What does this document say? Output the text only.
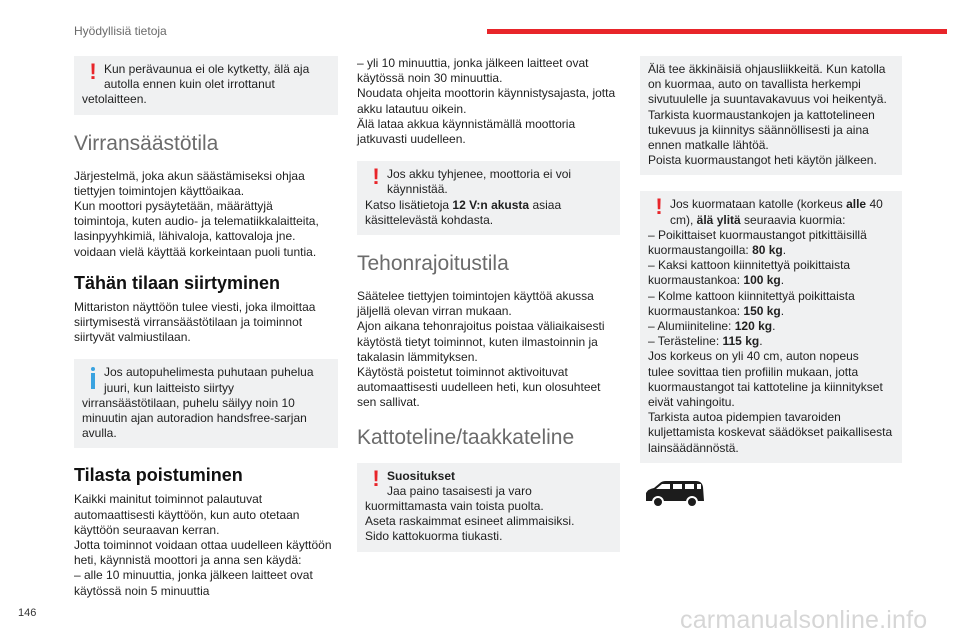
Hyödyllisiä tietoja
! Kun perävaunua ei ole kytketty, älä aja
autolla ennen kuin olet irrottanut
vetolaitteen.
Virransäästötila

Järjestelmä, joka akun säästämiseksi ohjaa

tiettyjen toimintojen käyttöaikaa.

Kun moottori pysäytetään, määrättyjä

toimintoja, kuten audio- ja telematiikkalaitteita,

lasinpyyhkimiä, lähivaloja, kattovaloja jne.

voidaan vielä käyttää korkeintaan puoli tuntia.

Tähän tilaan siirtyminen

Mittariston näyttöön tulee viesti, joka ilmoittaa

siirtymisestä virransäästötilaan ja toiminnot

siirtyvät valmiustilaan.

Jos autopuhelimesta puhutaan puhelua
juuri, kun laitteisto siirtyy
virransäästötilaan, puhelu säilyy noin 10
minuutin ajan autoradion handsfree-sarjan
avulla.
Tilasta poistuminen

Kaikki mainitut toiminnot palautuvat

automaattisesti käyttöön, kun auto otetaan

käyttöön seuraavan kerran.

Jotta toiminnot voidaan ottaa uudelleen käyttöön

heti, käynnistä moottori ja anna sen käydä:

– alle 10 minuuttia, jonka jälkeen laitteet ovat

käytössä noin 5 minuuttia

– yli 10 minuuttia, jonka jälkeen laitteet ovat

käytössä noin 30 minuuttia.

Noudata ohjeita moottorin käynnistysajasta, jotta

akku latautuu oikein.

Älä lataa akkua käynnistämällä moottoria

jatkuvasti uudelleen.

! Jos akku tyhjenee, moottoria ei voi
käynnistää.
Katso lisätietoja 12 V:n akusta asiaa
käsittelevästä kohdasta.
Tehonrajoitustila

Säätelee tiettyjen toimintojen käyttöä akussa

jäljellä olevan virran mukaan.

Ajon aikana tehonrajoitus poistaa väliaikaisesti

käytöstä tietyt toiminnot, kuten ilmastoinnin ja

takalasin lämmityksen.

Käytöstä poistetut toiminnot aktivoituvat

automaattisesti uudelleen heti, kun olosuhteet

sen sallivat.

Kattoteline/taakkateline
! Suositukset
Jaa paino tasaisesti ja varo
kuormittamasta vain toista puolta.
Aseta raskaimmat esineet alimmaisiksi.
Sido kattokuorma tiukasti.

Älä tee äkkinäisiä ohjausliikkeitä. Kun katolla

on kuormaa, auto on tavallista herkempi

sivutuulelle ja suuntavakavuus voi heikentyä.

Tarkista kuormaustankojen ja kattotelineen

tukevuus ja kiinnitys säännöllisesti ja aina

ennen matkalle lähtöä.

Poista kuormaustangot heti käytön jälkeen.

! Jos kuormataan katolle (korkeus alle 40
cm), älä ylitä seuraavia kuormia:
– Poikittaiset kuormaustangot pitkittäisillä
kuormaustangoilla: 80 kg.
– Kaksi kattoon kiinnitettyä poikittaista
kuormaustankoa: 100 kg.
– Kolme kattoon kiinnitettyä poikittaista
kuormaustankoa: 150 kg.
– Alumiiniteline: 120 kg.
– Terästeline: 115 kg.
Jos korkeus on yli 40 cm, auton nopeus
tulee sovittaa tien profiilin mukaan, jotta
kuormaustangot tai kattoteline ja kiinnitykset
eivät vahingoitu.
Tarkista autoa pidempien tavaroiden
kuljettamista koskevat säädökset paikallisesta
lainsäädännöstä.
146	carmanualsonline.info
